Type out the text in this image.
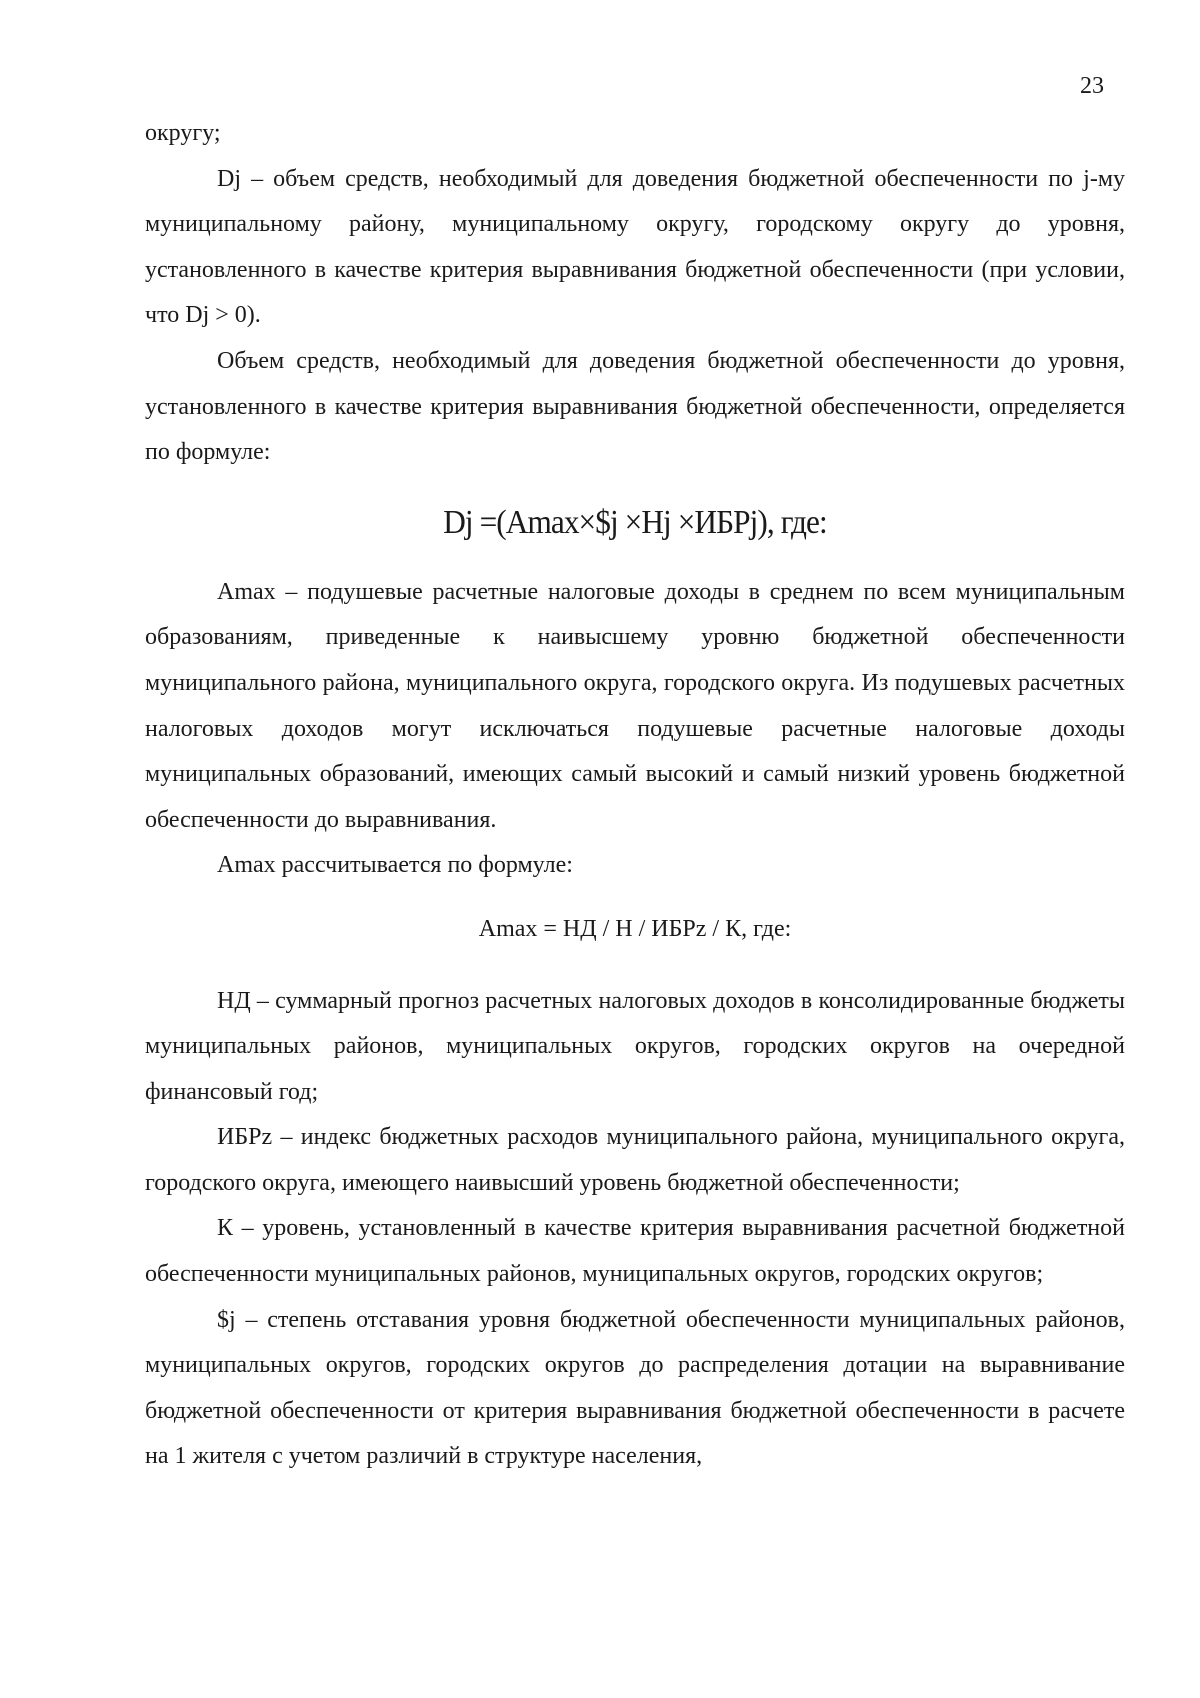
23

округу;

Dj – объем средств, необходимый для доведения бюджетной обеспеченности по j-му муниципальному району, муниципальному округу, городскому округу до уровня, установленного в качестве критерия выравнивания бюджетной обеспеченности (при условии, что Dj > 0).

Объем средств, необходимый для доведения бюджетной обеспеченности до уровня, установленного в качестве критерия выравнивания бюджетной обеспеченности, определяется по формуле:

Dj =(Amax×$j ×Hj ×ИБРj), где:

Amax – подушевые расчетные налоговые доходы в среднем по всем муниципальным образованиям, приведенные к наивысшему уровню бюджетной обеспеченности муниципального района, муниципального округа, городского округа. Из подушевых расчетных налоговых доходов могут исключаться подушевые расчетные налоговые доходы муниципальных образований, имеющих самый высокий и самый низкий уровень бюджетной обеспеченности до выравнивания.

Amax рассчитывается по формуле:

Amax = НД / Н / ИБРz / К, где:

НД – суммарный прогноз расчетных налоговых доходов в консолидированные бюджеты муниципальных районов, муниципальных округов, городских округов на очередной финансовый год;

ИБРz – индекс бюджетных расходов муниципального района, муниципального округа, городского округа, имеющего наивысший уровень бюджетной обеспеченности;

К – уровень, установленный в качестве критерия выравнивания расчетной бюджетной обеспеченности муниципальных районов, муниципальных округов, городских округов;

$j – степень отставания уровня бюджетной обеспеченности муниципальных районов, муниципальных округов, городских округов до распределения дотации на выравнивание бюджетной обеспеченности от критерия выравнивания бюджетной обеспеченности в расчете на 1 жителя с учетом различий в структуре населения,
